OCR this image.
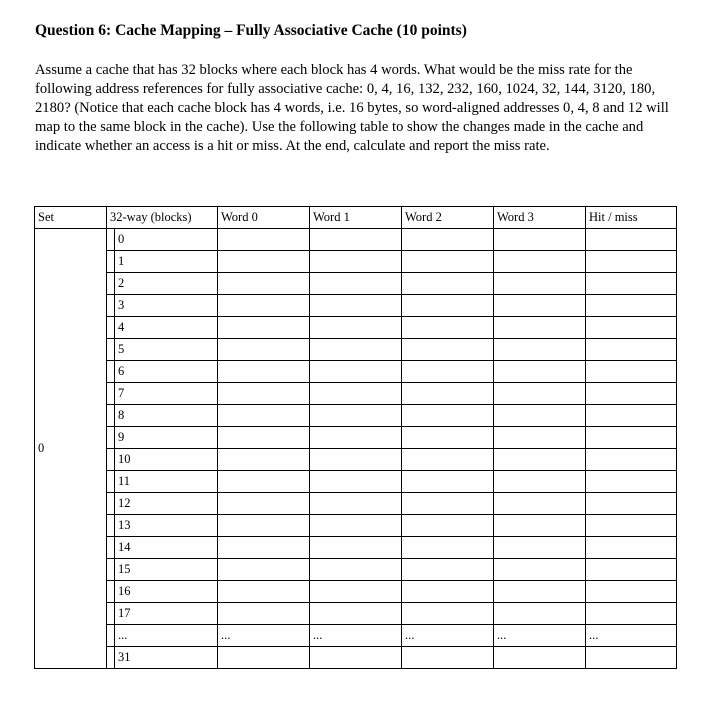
Question 6: Cache Mapping – Fully Associative Cache (10 points)

Assume a cache that has 32 blocks where each block has 4 words. What would be the miss rate for the following address references for fully associative cache: 0, 4, 16, 132, 232, 160, 1024, 32, 144, 3120, 180, 2180? (Notice that each cache block has 4 words, i.e. 16 bytes, so word-aligned addresses 0, 4, 8 and 12 will map to the same block in the cache). Use the following table to show the changes made in the cache and indicate whether an access is a hit or miss. At the end, calculate and report the miss rate.

Set	32-way (blocks)	Word 0	Word 1	Word 2	Word 3	Hit / miss
0	0					

	1					

	2					

	3					

	4					

	5					

	6					

	7					

	8					

	9					

	10					

	11					

	12					

	13					

	14					

	15					

	16					

	17					

	...	...	...	...	...	...

	31					
